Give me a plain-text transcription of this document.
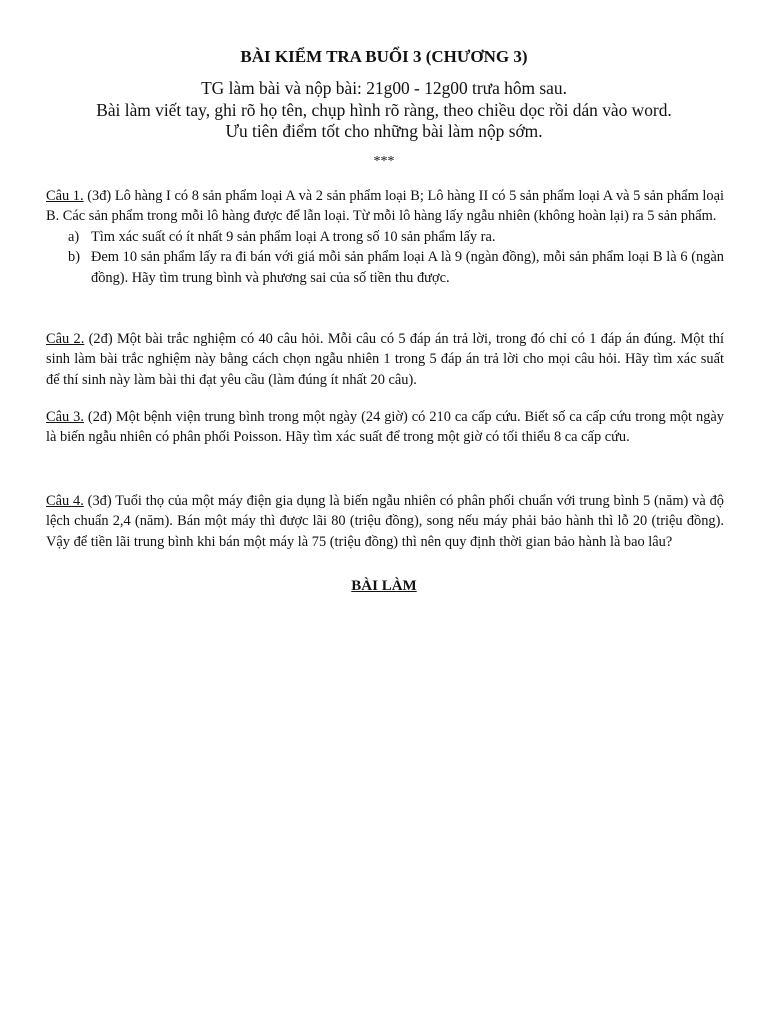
BÀI KIỂM TRA BUỔI 3 (CHƯƠNG 3)
TG làm bài và nộp bài: 21g00 - 12g00 trưa hôm sau.
Bài làm viết tay, ghi rõ họ tên, chụp hình rõ ràng, theo chiều dọc rồi dán vào word.
Ưu tiên điểm tốt cho những bài làm nộp sớm.
***
Câu 1. (3đ) Lô hàng I có 8 sản phẩm loại A và 2 sản phẩm loại B; Lô hàng II có 5 sản phẩm loại A và 5 sản phẩm loại B. Các sản phẩm trong mỗi lô hàng được để lẫn loại. Từ mỗi lô hàng lấy ngẫu nhiên (không hoàn lại) ra 5 sản phẩm.
a) Tìm xác suất có ít nhất 9 sản phẩm loại A trong số 10 sản phẩm lấy ra.
b) Đem 10 sản phẩm lấy ra đi bán với giá mỗi sản phẩm loại A là 9 (ngàn đồng), mỗi sản phẩm loại B là 6 (ngàn đồng). Hãy tìm trung bình và phương sai của số tiền thu được.
Câu 2. (2đ) Một bài trắc nghiệm có 40 câu hỏi. Mỗi câu có 5 đáp án trả lời, trong đó chỉ có 1 đáp án đúng. Một thí sinh làm bài trắc nghiệm này bằng cách chọn ngẫu nhiên 1 trong 5 đáp án trả lời cho mọi câu hỏi. Hãy tìm xác suất để thí sinh này làm bài thi đạt yêu cầu (làm đúng ít nhất 20 câu).
Câu 3. (2đ) Một bệnh viện trung bình trong một ngày (24 giờ) có 210 ca cấp cứu. Biết số ca cấp cứu trong một ngày là biến ngẫu nhiên có phân phối Poisson. Hãy tìm xác suất để trong một giờ có tối thiểu 8 ca cấp cứu.
Câu 4. (3đ) Tuổi thọ của một máy điện gia dụng là biến ngẫu nhiên có phân phối chuẩn với trung bình 5 (năm) và độ lệch chuẩn 2,4 (năm). Bán một máy thì được lãi 80 (triệu đồng), song nếu máy phải bảo hành thì lỗ 20 (triệu đồng). Vậy để tiền lãi trung bình khi bán một máy là 75 (triệu đồng) thì nên quy định thời gian bảo hành là bao lâu?
BÀI LÀM
